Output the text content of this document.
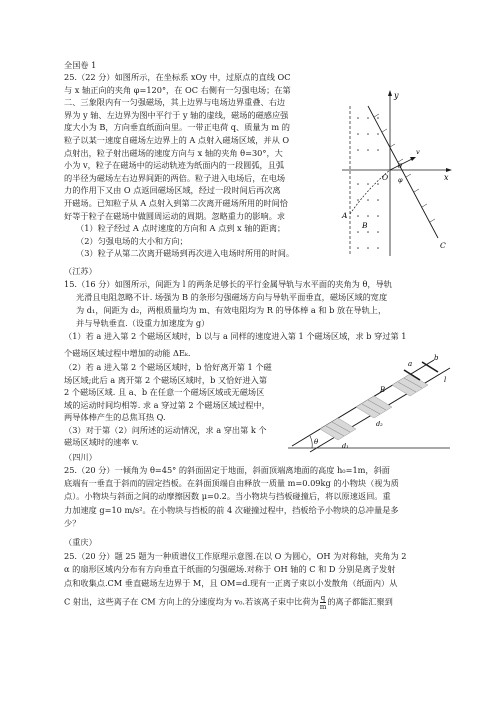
全国卷 1

25.（22 分）如图所示，在坐标系 xOy 中，过原点的直线 OC

与 x 轴正向的夹角 φ=120°，在 OC 右侧有一匀强电场；在第

二、三象限内有一匀强磁场，其上边界与电场边界重叠、右边

界为 y 轴、左边界为图中平行于 y 轴的虚线，磁场的磁感应强

度大小为 B，方向垂直纸面向里。一带正电荷 q、质量为 m 的

粒子以某一速度自磁场左边界上的 A 点射入磁场区域，并从 O

点射出，粒子射出磁场的速度方向与 x 轴的夹角 θ=30°，大

小为 v，粒子在磁场中的运动轨迹为纸面内的一段圆弧，且弧

的半径为磁场左右边界间距的两倍。粒子进入电场后，在电场

力的作用下又由 O 点返回磁场区域，经过一段时间后再次离

开磁场。已知粒子从 A 点射入到第二次离开磁场所用的时间恰

好等于粒子在磁场中做圆周运动的周期。忽略重力的影响。求

（1）粒子经过 A 点时速度的方向和 A 点到 x 轴的距离；

（2）匀强电场的大小和方向；

（3）粒子从第二次离开磁场到再次进入电场时所用的时间。

y
x
O
A
B
C
θ
v
φ
（江苏）

15.（16 分）如图所示，间距为 l 的两条足够长的平行金属导轨与水平面的夹角为 θ，导轨

光滑且电阻忽略不计. 场强为 B 的条形匀强磁场方向与导轨平面垂直，磁场区域的宽度

为 d₁，间距为 d₂，两根质量均为 m、有效电阻均为 R 的导体棒 a 和 b 放在导轨上，

并与导轨垂直.（设重力加速度为 g）

（1）若 a 进入第 2 个磁场区域时，b 以与 a 同样的速度进入第 1 个磁场区域，求 b 穿过第 1

个磁场区域过程中增加的动能 ΔEₖ.

（2）若 a 进入第 2 个磁场区域时，b 恰好离开第 1 个磁

场区域;此后 a 离开第 2 个磁场区域时，b 又恰好进入第

2 个磁场区域. 且 a、b 在任意一个磁场区域或无磁场区

域的运动时间均相等. 求 a 穿过第 2 个磁场区域过程中，

两导体棒产生的总焦耳热 Q.

（3）对于第（2）问所述的运动情况，求 a 穿出第 k 个

磁场区域时的速率 v.	θ
a
b
B
d₁
d₂
l
（四川）

25.（20 分）一倾角为 θ=45° 的斜面固定于地面，斜面顶端离地面的高度 h₀=1m，斜面

底端有一垂直于斜而的固定挡板。在斜面顶端自由释放一质量 m=0.09kg 的小物块（视为质

点）。小物块与斜面之间的动摩擦因数 μ=0.2。当小物块与挡板碰撞后，将以原速返回。重

力加速度 g=10 m/s²。在小物块与挡板的前 4 次碰撞过程中，挡板给予小物块的总冲量是多

少？

（重庆）

25.（20 分）题 25 题为一种质谱仪工作原理示意图.在以 O 为圆心，OH 为对称轴，夹角为 2

α 的扇形区域内分布有方向垂直于纸面的匀强磁场.对称于 OH 轴的 C 和 D 分别是离子发射

点和收集点.CM 垂直磁场左边界于 M，且 OM=d.现有一正离子束以小发散角（纸面内）从

C 射出，这些离子在 CM 方向上的分速度均为 v₀.若该离子束中比荷为 $\frac{q}{m}$ 的离子都能汇聚到
